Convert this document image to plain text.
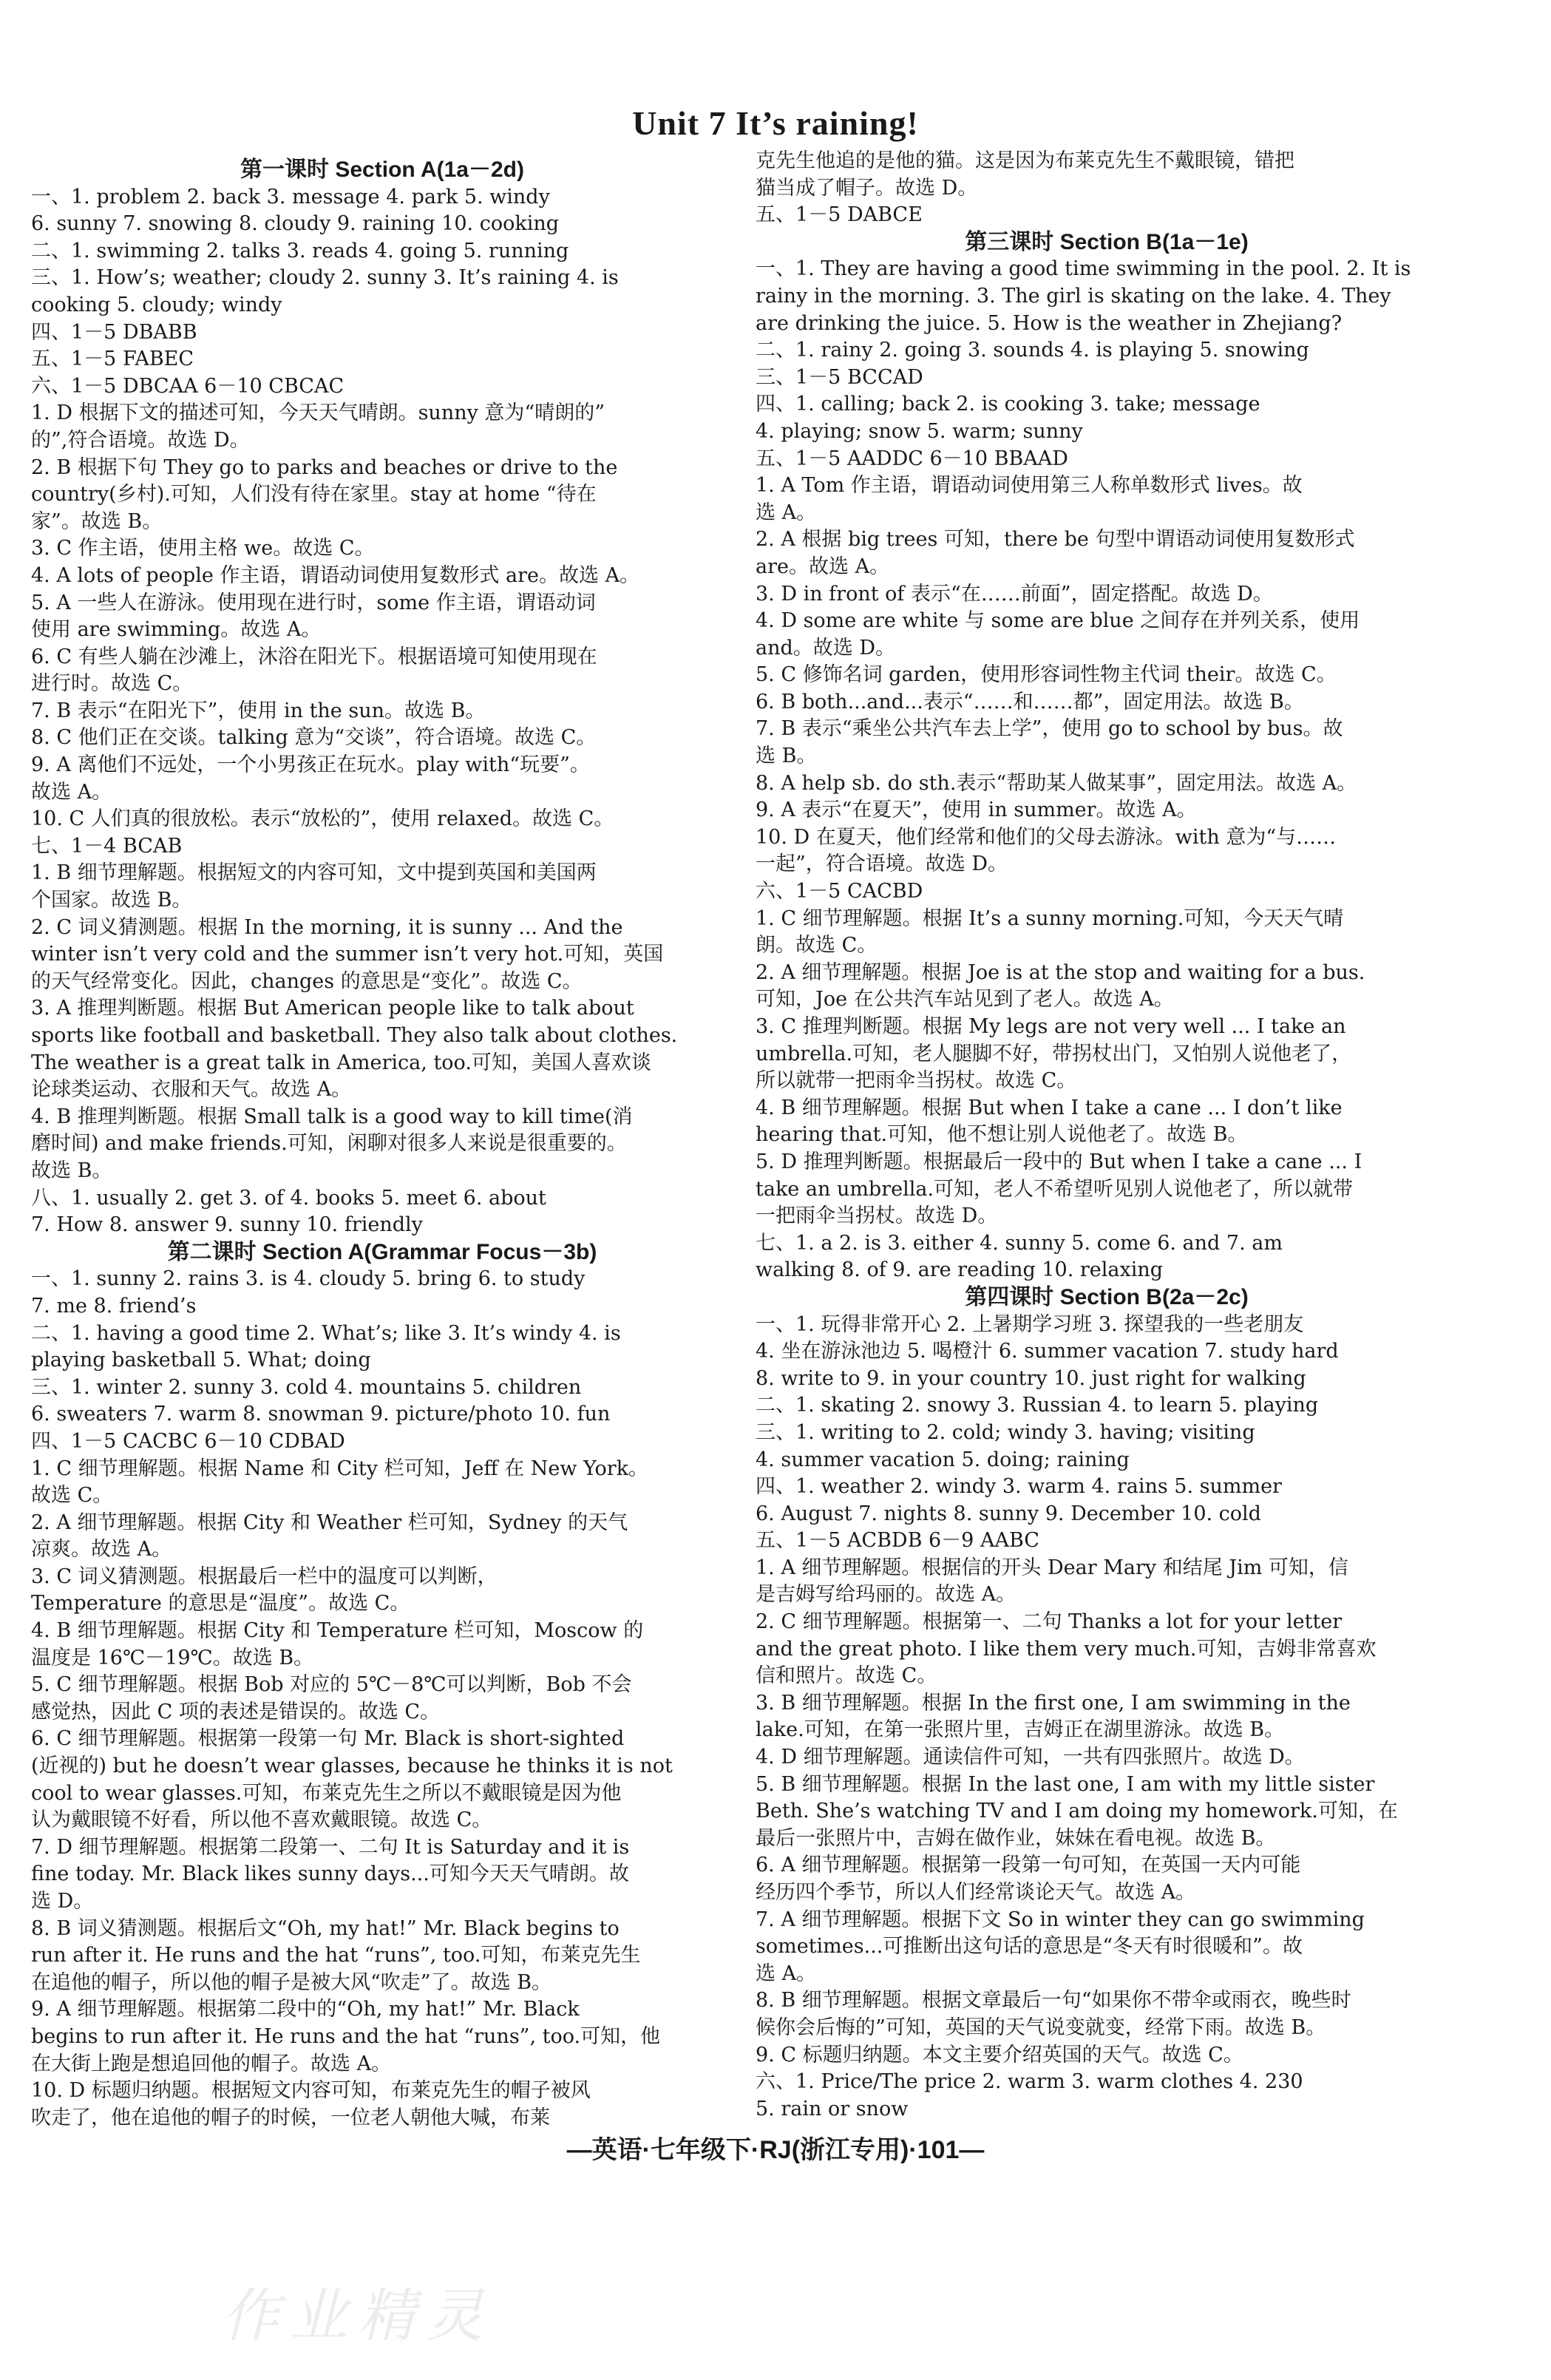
Unit 7 It’s raining!
第一课时 Section A(1a－2d)
一、1. problem 2. back 3. message 4. park 5. windy
6. sunny 7. snowing 8. cloudy 9. raining 10. cooking
二、1. swimming 2. talks 3. reads 4. going 5. running
三、1. How’s; weather; cloudy 2. sunny 3. It’s raining 4. is
cooking 5. cloudy; windy
四、1－5 DBABB
五、1－5 FABEC
六、1－5 DBCAA 6－10 CBCAC
1. D 根据下文的描述可知，今天天气晴朗。sunny 意为“晴朗的”
的”,符合语境。故选 D。
2. B 根据下句 They go to parks and beaches or drive to the
country(乡村).可知，人们没有待在家里。stay at home “待在
家”。故选 B。
3. C 作主语，使用主格 we。故选 C。
4. A lots of people 作主语，谓语动词使用复数形式 are。故选 A。
5. A 一些人在游泳。使用现在进行时，some 作主语，谓语动词
使用 are swimming。故选 A。
6. C 有些人躺在沙滩上，沐浴在阳光下。根据语境可知使用现在
进行时。故选 C。
7. B 表示“在阳光下”，使用 in the sun。故选 B。
8. C 他们正在交谈。talking 意为“交谈”，符合语境。故选 C。
9. A 离他们不远处，一个小男孩正在玩水。play with“玩要”。
故选 A。
10. C 人们真的很放松。表示“放松的”，使用 relaxed。故选 C。
七、1－4 BCAB
1. B 细节理解题。根据短文的内容可知，文中提到英国和美国两
个国家。故选 B。
2. C 词义猜测题。根据 In the morning, it is sunny ... And the
winter isn’t very cold and the summer isn’t very hot.可知，英国
的天气经常变化。因此，changes 的意思是“变化”。故选 C。
3. A 推理判断题。根据 But American people like to talk about
sports like football and basketball. They also talk about clothes.
The weather is a great talk in America, too.可知，美国人喜欢谈
论球类运动、衣服和天气。故选 A。
4. B 推理判断题。根据 Small talk is a good way to kill time(消
磨时间) and make friends.可知，闲聊对很多人来说是很重要的。
故选 B。
八、1. usually 2. get 3. of 4. books 5. meet 6. about
7. How 8. answer 9. sunny 10. friendly
第二课时 Section A(Grammar Focus－3b)
一、1. sunny 2. rains 3. is 4. cloudy 5. bring 6. to study
7. me 8. friend’s
二、1. having a good time 2. What’s; like 3. It’s windy 4. is
playing basketball 5. What; doing
三、1. winter 2. sunny 3. cold 4. mountains 5. children
6. sweaters 7. warm 8. snowman 9. picture/photo 10. fun
四、1－5 CACBC 6－10 CDBAD
1. C 细节理解题。根据 Name 和 City 栏可知，Jeff 在 New York。
故选 C。
2. A 细节理解题。根据 City 和 Weather 栏可知，Sydney 的天气
凉爽。故选 A。
3. C 词义猜测题。根据最后一栏中的温度可以判断，
Temperature 的意思是“温度”。故选 C。
4. B 细节理解题。根据 City 和 Temperature 栏可知，Moscow 的
温度是 16℃－19℃。故选 B。
5. C 细节理解题。根据 Bob 对应的 5℃－8℃可以判断，Bob 不会
感觉热，因此 C 项的表述是错误的。故选 C。
6. C 细节理解题。根据第一段第一句 Mr. Black is short-sighted
(近视的) but he doesn’t wear glasses, because he thinks it is not
cool to wear glasses.可知，布莱克先生之所以不戴眼镜是因为他
认为戴眼镜不好看，所以他不喜欢戴眼镜。故选 C。
7. D 细节理解题。根据第二段第一、二句 It is Saturday and it is
fine today. Mr. Black likes sunny days...可知今天天气晴朗。故
选 D。
8. B 词义猜测题。根据后文“Oh, my hat!” Mr. Black begins to
run after it. He runs and the hat “runs”, too.可知，布莱克先生
在追他的帽子，所以他的帽子是被大风“吹走”了。故选 B。
9. A 细节理解题。根据第二段中的“Oh, my hat!” Mr. Black
begins to run after it. He runs and the hat “runs”, too.可知，他
在大街上跑是想追回他的帽子。故选 A。
10. D 标题归纳题。根据短文内容可知，布莱克先生的帽子被风
吹走了，他在追他的帽子的时候，一位老人朝他大喊，布莱
克先生他追的是他的猫。这是因为布莱克先生不戴眼镜，错把
猫当成了帽子。故选 D。
五、1－5 DABCE
第三课时 Section B(1a－1e)
一、1. They are having a good time swimming in the pool. 2. It is
rainy in the morning. 3. The girl is skating on the lake. 4. They
are drinking the juice. 5. How is the weather in Zhejiang?
二、1. rainy 2. going 3. sounds 4. is playing 5. snowing
三、1－5 BCCAD
四、1. calling; back 2. is cooking 3. take; message
4. playing; snow 5. warm; sunny
五、1－5 AADDC 6－10 BBAAD
1. A Tom 作主语，谓语动词使用第三人称单数形式 lives。故
选 A。
2. A 根据 big trees 可知，there be 句型中谓语动词使用复数形式
are。故选 A。
3. D in front of 表示“在……前面”，固定搭配。故选 D。
4. D some are white 与 some are blue 之间存在并列关系，使用
and。故选 D。
5. C 修饰名词 garden，使用形容词性物主代词 their。故选 C。
6. B both...and...表示“……和……都”，固定用法。故选 B。
7. B 表示“乘坐公共汽车去上学”，使用 go to school by bus。故
选 B。
8. A help sb. do sth.表示“帮助某人做某事”，固定用法。故选 A。
9. A 表示“在夏天”，使用 in summer。故选 A。
10. D 在夏天，他们经常和他们的父母去游泳。with 意为“与……
一起”，符合语境。故选 D。
六、1－5 CACBD
1. C 细节理解题。根据 It’s a sunny morning.可知，今天天气晴
朗。故选 C。
2. A 细节理解题。根据 Joe is at the stop and waiting for a bus.
可知，Joe 在公共汽车站见到了老人。故选 A。
3. C 推理判断题。根据 My legs are not very well ... I take an
umbrella.可知，老人腿脚不好，带拐杖出门，又怕别人说他老了，
所以就带一把雨伞当拐杖。故选 C。
4. B 细节理解题。根据 But when I take a cane ... I don’t like
hearing that.可知，他不想让别人说他老了。故选 B。
5. D 推理判断题。根据最后一段中的 But when I take a cane ... I
take an umbrella.可知，老人不希望听见别人说他老了，所以就带
一把雨伞当拐杖。故选 D。
七、1. a 2. is 3. either 4. sunny 5. come 6. and 7. am
walking 8. of 9. are reading 10. relaxing
第四课时 Section B(2a－2c)
一、1. 玩得非常开心 2. 上暑期学习班 3. 探望我的一些老朋友
4. 坐在游泳池边 5. 喝橙汁 6. summer vacation 7. study hard
8. write to 9. in your country 10. just right for walking
二、1. skating 2. snowy 3. Russian 4. to learn 5. playing
三、1. writing to 2. cold; windy 3. having; visiting
4. summer vacation 5. doing; raining
四、1. weather 2. windy 3. warm 4. rains 5. summer
6. August 7. nights 8. sunny 9. December 10. cold
五、1－5 ACBDB 6－9 AABC
1. A 细节理解题。根据信的开头 Dear Mary 和结尾 Jim 可知，信
是吉姆写给玛丽的。故选 A。
2. C 细节理解题。根据第一、二句 Thanks a lot for your letter
and the great photo. I like them very much.可知，吉姆非常喜欢
信和照片。故选 C。
3. B 细节理解题。根据 In the first one, I am swimming in the
lake.可知，在第一张照片里，吉姆正在湖里游泳。故选 B。
4. D 细节理解题。通读信件可知，一共有四张照片。故选 D。
5. B 细节理解题。根据 In the last one, I am with my little sister
Beth. She’s watching TV and I am doing my homework.可知，在
最后一张照片中，吉姆在做作业，妹妹在看电视。故选 B。
6. A 细节理解题。根据第一段第一句可知，在英国一天内可能
经历四个季节，所以人们经常谈论天气。故选 A。
7. A 细节理解题。根据下文 So in winter they can go swimming
sometimes...可推断出这句话的意思是“冬天有时很暖和”。故
选 A。
8. B 细节理解题。根据文章最后一句“如果你不带伞或雨衣，晚些时
候你会后悔的”可知，英国的天气说变就变，经常下雨。故选 B。
9. C 标题归纳题。本文主要介绍英国的天气。故选 C。
六、1. Price/The price 2. warm 3. warm clothes 4. 230
5. rain or snow
—英语·七年级下·RJ(浙江专用)·101—
作业精灵
